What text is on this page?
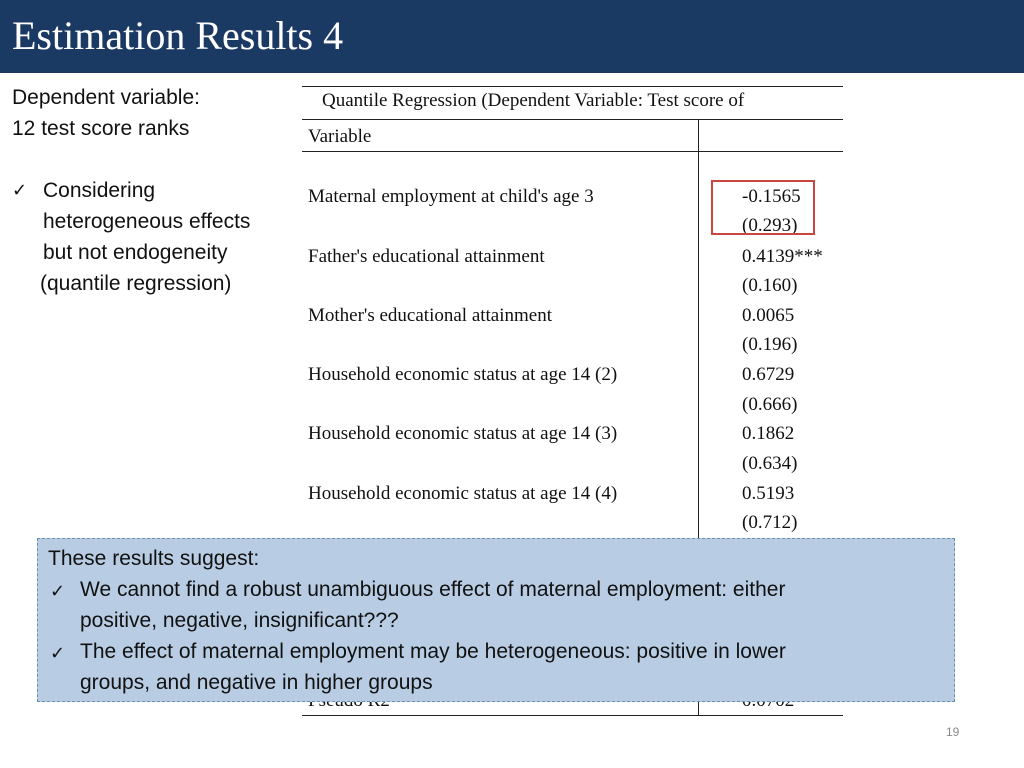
Estimation Results 4
Dependent variable:
12 test score ranks
✓ Considering
heterogeneous effects
but not endogeneity
(quantile regression)
Quantile Regression (Dependent Variable: Test score of
Variable
Maternal employment at child's age 3	-0.1565
(0.293)
Father's educational attainment	0.4139***
(0.160)
Mother's educational attainment	0.0065
(0.196)
Household economic status at age 14 (2)	0.6729
(0.666)
Household economic status at age 14 (3)	0.1862
(0.634)
Household economic status at age 14 (4)	0.5193
(0.712)
These results suggest:
✓ We cannot find a robust unambiguous effect of maternal employment: either
positive, negative, insignificant???
✓ The effect of maternal employment may be heterogeneous: positive in lower
groups, and negative in higher groups
19
